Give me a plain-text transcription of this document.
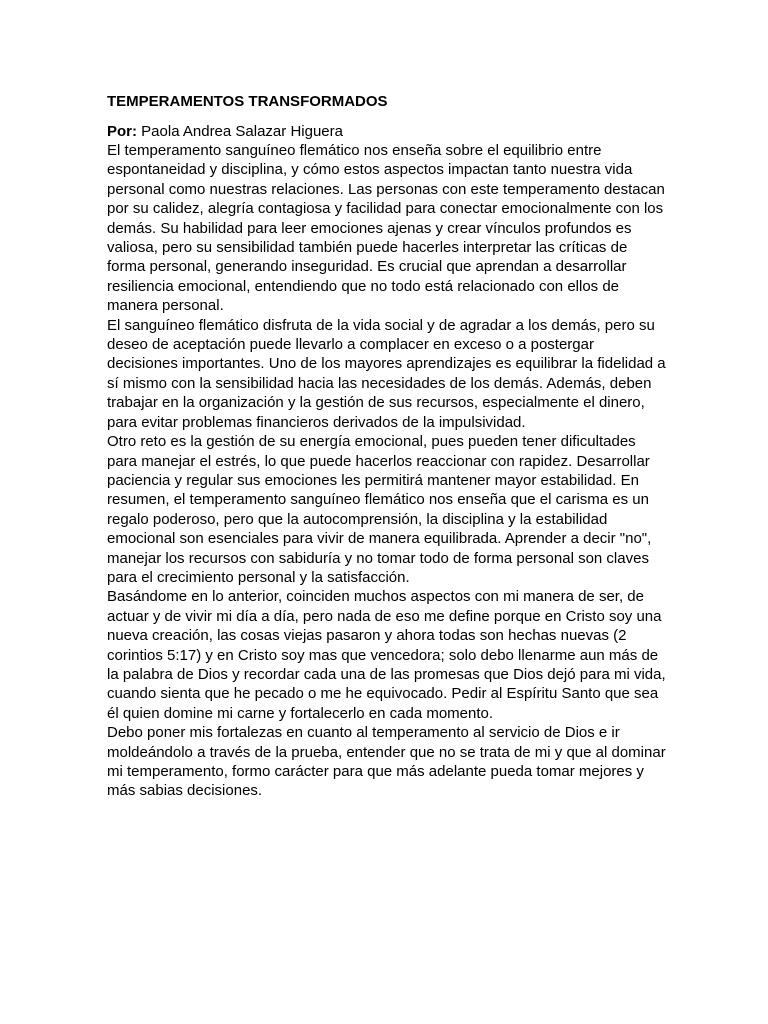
TEMPERAMENTOS TRANSFORMADOS
Por: Paola Andrea Salazar Higuera

El temperamento sanguíneo flemático nos enseña sobre el equilibrio entre espontaneidad y disciplina, y cómo estos aspectos impactan tanto nuestra vida personal como nuestras relaciones. Las personas con este temperamento destacan por su calidez, alegría contagiosa y facilidad para conectar emocionalmente con los demás. Su habilidad para leer emociones ajenas y crear vínculos profundos es valiosa, pero su sensibilidad también puede hacerles interpretar las críticas de forma personal, generando inseguridad. Es crucial que aprendan a desarrollar resiliencia emocional, entendiendo que no todo está relacionado con ellos de manera personal.

El sanguíneo flemático disfruta de la vida social y de agradar a los demás, pero su deseo de aceptación puede llevarlo a complacer en exceso o a postergar decisiones importantes. Uno de los mayores aprendizajes es equilibrar la fidelidad a sí mismo con la sensibilidad hacia las necesidades de los demás. Además, deben trabajar en la organización y la gestión de sus recursos, especialmente el dinero, para evitar problemas financieros derivados de la impulsividad.

Otro reto es la gestión de su energía emocional, pues pueden tener dificultades para manejar el estrés, lo que puede hacerlos reaccionar con rapidez. Desarrollar paciencia y regular sus emociones les permitirá mantener mayor estabilidad. En resumen, el temperamento sanguíneo flemático nos enseña que el carisma es un regalo poderoso, pero que la autocomprensión, la disciplina y la estabilidad emocional son esenciales para vivir de manera equilibrada. Aprender a decir "no", manejar los recursos con sabiduría y no tomar todo de forma personal son claves para el crecimiento personal y la satisfacción.

Basándome en lo anterior, coinciden muchos aspectos con mi manera de ser, de actuar y de vivir mi día a día, pero nada de eso me define porque en Cristo soy una nueva creación, las cosas viejas pasaron y ahora todas son hechas nuevas (2 corintios 5:17) y en Cristo soy mas que vencedora; solo debo llenarme aun más de la palabra de Dios y recordar cada una de las promesas que Dios dejó para mi vida, cuando sienta que he pecado o me he equivocado. Pedir al Espíritu Santo que sea él quien domine mi carne y fortalecerlo en cada momento.

Debo poner mis fortalezas en cuanto al temperamento al servicio de Dios e ir moldeándolo a través de la prueba, entender que no se trata de mi y que al dominar mi temperamento, formo carácter para que más adelante pueda tomar mejores y más sabias decisiones.
